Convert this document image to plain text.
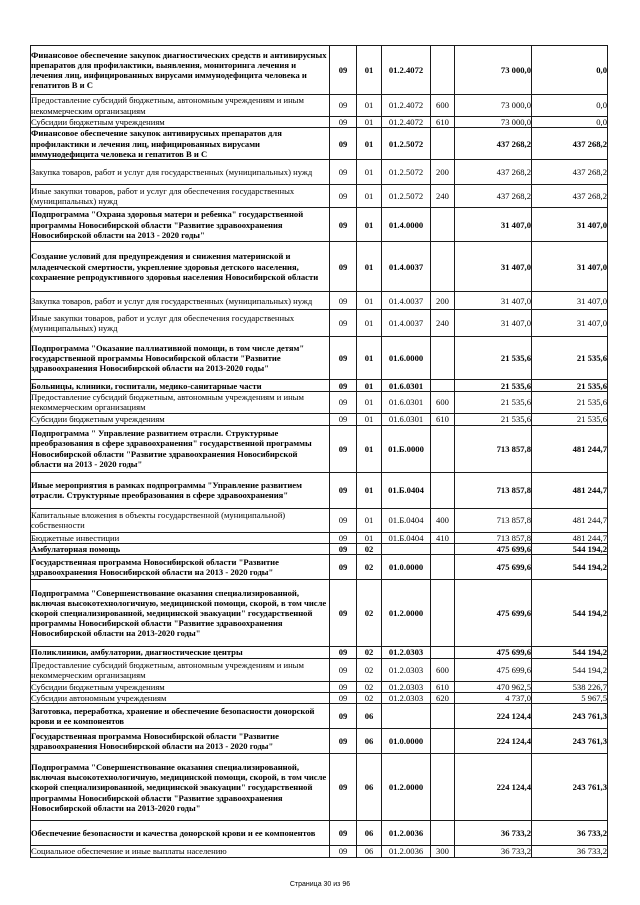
Финансовое обеспечение закупок диагностических средств и антивирусных препаратов для профилактики, выявления, мониторинга лечения и лечения лиц, инфицированных вирусами иммунодефицита человека и гепатитов B и C	09	01	01.2.4072		73 000,0	0,0
Предоставление субсидий бюджетным, автономным учреждениям и иным некоммерческим организациям	09	01	01.2.4072	600	73 000,0	0,0
Субсидии бюджетным учреждениям	09	01	01.2.4072	610	73 000,0	0,0
Финансовое обеспечение закупок антивирусных препаратов для профилактики и лечения лиц, инфицированных вирусами иммунодефицита человека и гепатитов B и C	09	01	01.2.5072		437 268,2	437 268,2
Закупка товаров, работ и услуг для государственных (муниципальных) нужд	09	01	01.2.5072	200	437 268,2	437 268,2
Иные закупки товаров, работ и услуг для обеспечения государственных (муниципальных) нужд	09	01	01.2.5072	240	437 268,2	437 268,2
Подпрограмма "Охрана здоровья матери и ребенка" государственной программы Новосибирской области "Развитие здравоохранения Новосибирской области на 2013 - 2020 годы"	09	01	01.4.0000		31 407,0	31 407,0
Создание условий для предупреждения и снижения материнской и младенческой смертности, укрепление здоровья детского населения, сохранение репродуктивного здоровья населения Новосибирской области	09	01	01.4.0037		31 407,0	31 407,0
Закупка товаров, работ и услуг для государственных (муниципальных) нужд	09	01	01.4.0037	200	31 407,0	31 407,0
Иные закупки товаров, работ и услуг для обеспечения государственных (муниципальных) нужд	09	01	01.4.0037	240	31 407,0	31 407,0
Подпрограмма "Оказание паллиативной помощи, в том числе детям" государственной программы Новосибирской области "Развитие здравоохранения Новосибирской области на 2013-2020 годы"	09	01	01.6.0000		21 535,6	21 535,6
Больницы, клиники, госпитали, медико-санитарные части	09	01	01.6.0301		21 535,6	21 535,6
Предоставление субсидий бюджетным, автономным учреждениям и иным некоммерческим организациям	09	01	01.6.0301	600	21 535,6	21 535,6
Субсидии бюджетным учреждениям	09	01	01.6.0301	610	21 535,6	21 535,6
Подпрограмма " Управление развитием отрасли. Структурные преобразования в сфере здравоохранения" государственной программы Новосибирской области "Развитие здравоохранения Новосибирской области на 2013 - 2020 годы"	09	01	01.Б.0000		713 857,8	481 244,7
Иные мероприятия в рамках подпрограммы "Управление развитием отрасли. Структурные преобразования в сфере здравоохранения"	09	01	01.Б.0404		713 857,8	481 244,7
Капитальные вложения в объекты государственной (муниципальной) собственности	09	01	01.Б.0404	400	713 857,8	481 244,7
Бюджетные инвестиции	09	01	01.Б.0404	410	713 857,8	481 244,7
Амбулаторная помощь	09	02			475 699,6	544 194,2
Государственная программа Новосибирской области "Развитие здравоохранения Новосибирской области на 2013 - 2020 годы"	09	02	01.0.0000		475 699,6	544 194,2
Подпрограмма "Совершенствование оказания специализированной, включая высокотехнологичную, медицинской помощи, скорой, в том числе скорой специализированной, медицинской эвакуации" государственной программы Новосибирской области "Развитие здравоохранения Новосибирской области на 2013-2020 годы"	09	02	01.2.0000		475 699,6	544 194,2
Поликлиники, амбулатории, диагностические центры	09	02	01.2.0303		475 699,6	544 194,2
Предоставление субсидий бюджетным, автономным учреждениям и иным некоммерческим организациям	09	02	01.2.0303	600	475 699,6	544 194,2
Субсидии бюджетным учреждениям	09	02	01.2.0303	610	470 962,5	538 226,7
Субсидии автономным учреждениям	09	02	01.2.0303	620	4 737,0	5 967,5
Заготовка, переработка, хранение и обеспечение безопасности донорской крови и ее компонентов	09	06			224 124,4	243 761,3
Государственная программа Новосибирской области "Развитие здравоохранения Новосибирской области на 2013 - 2020 годы"	09	06	01.0.0000		224 124,4	243 761,3
Подпрограмма "Совершенствование оказания специализированной, включая высокотехнологичную, медицинской помощи, скорой, в том числе скорой специализированной, медицинской эвакуации" государственной программы Новосибирской области "Развитие здравоохранения Новосибирской области на 2013-2020 годы"	09	06	01.2.0000		224 124,4	243 761,3
Обеспечение безопасности и качества донорской крови и ее компонентов	09	06	01.2.0036		36 733,2	36 733,2
Социальное обеспечение и иные выплаты населению	09	06	01.2.0036	300	36 733,2	36 733,2
Страница 30 из 96
